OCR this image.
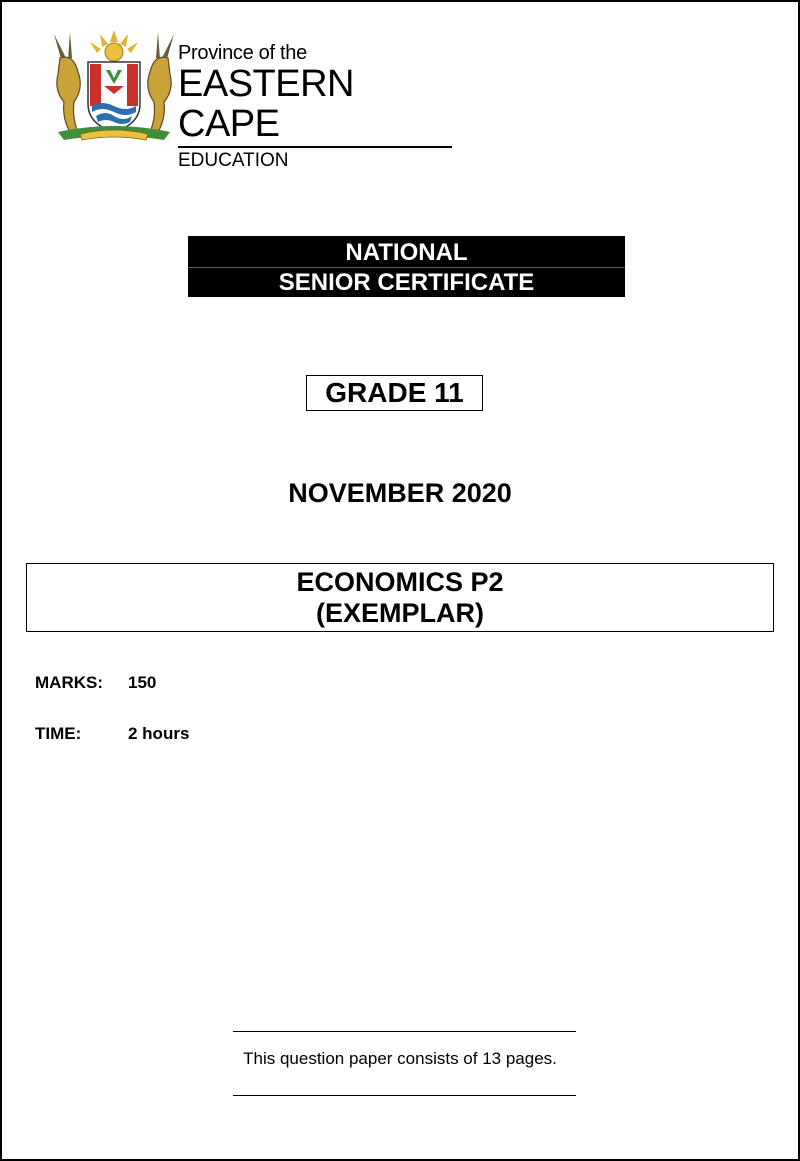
Province of the
EASTERN CAPE
EDUCATION
NATIONAL
SENIOR CERTIFICATE
GRADE 11
NOVEMBER 2020
ECONOMICS P2
(EXEMPLAR)
MARKS: 150
TIME:	2 hours
This question paper consists of 13 pages.
